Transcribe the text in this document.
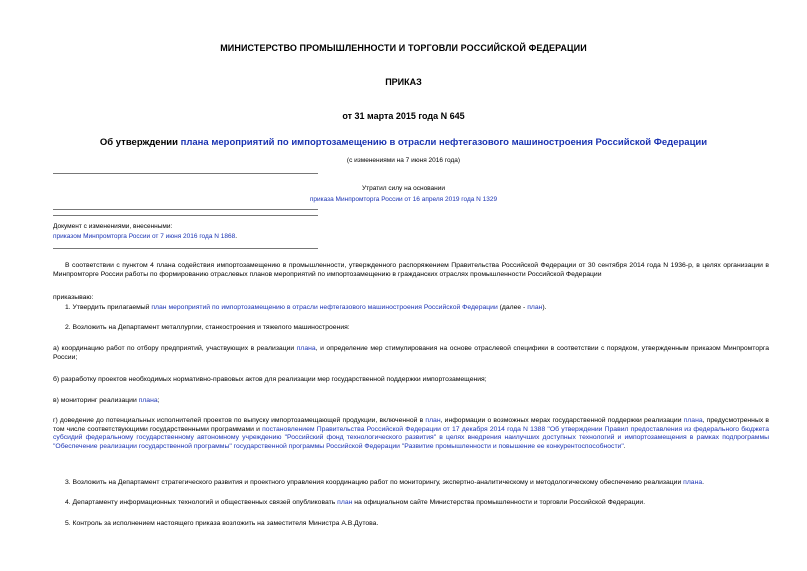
МИНИСТЕРСТВО ПРОМЫШЛЕННОСТИ И ТОРГОВЛИ РОССИЙСКОЙ ФЕДЕРАЦИИ
ПРИКАЗ
от 31 марта 2015 года N 645
Об утверждении плана мероприятий по импортозамещению в отрасли нефтегазового машиностроения Российской Федерации
(с изменениями на 7 июня 2016 года)
Утратил силу на основании
приказа Минпромторга России от 16 апреля 2019 года N 1329
Документ с изменениями, внесенными:
приказом Минпромторга России от 7 июня 2016 года N 1868.
В соответствии с пунктом 4 плана содействия импортозамещению в промышленности, утвержденного распоряжением Правительства Российской Федерации от 30 сентября 2014 года N 1936-р, в целях организации в Минпромторге России работы по формированию отраслевых планов мероприятий по импортозамещению в гражданских отраслях промышленности Российской Федерации
приказываю:
1. Утвердить прилагаемый план мероприятий по импортозамещению в отрасли нефтегазового машиностроения Российской Федерации (далее - план).
2. Возложить на Департамент металлургии, станкостроения и тяжелого машиностроения:
а) координацию работ по отбору предприятий, участвующих в реализации плана, и определение мер стимулирования на основе отраслевой специфики в соответствии с порядком, утвержденным приказом Минпромторга России;
б) разработку проектов необходимых нормативно-правовых актов для реализации мер государственной поддержки импортозамещения;
в) мониторинг реализации плана;
г) доведение до потенциальных исполнителей проектов по выпуску импортозамещающей продукции, включенной в план, информации о возможных мерах государственной поддержки реализации плана, предусмотренных в том числе соответствующими государственными программами и постановлением Правительства Российской Федерации от 17 декабря 2014 года N 1388 "Об утверждении Правил предоставления из федерального бюджета субсидий федеральному государственному автономному учреждению "Российский фонд технологического развития" в целях внедрения наилучших доступных технологий и импортозамещения в рамках подпрограммы "Обеспечение реализации государственной программы" государственной программы Российской Федерации "Развитие промышленности и повышение ее конкурентоспособности".
3. Возложить на Департамент стратегического развития и проектного управления координацию работ по мониторингу, экспертно-аналитическому и методологическому обеспечению реализации плана.
4. Департаменту информационных технологий и общественных связей опубликовать план на официальном сайте Министерства промышленности и торговли Российской Федерации.
5. Контроль за исполнением настоящего приказа возложить на заместителя Министра А.В.Дутова.
